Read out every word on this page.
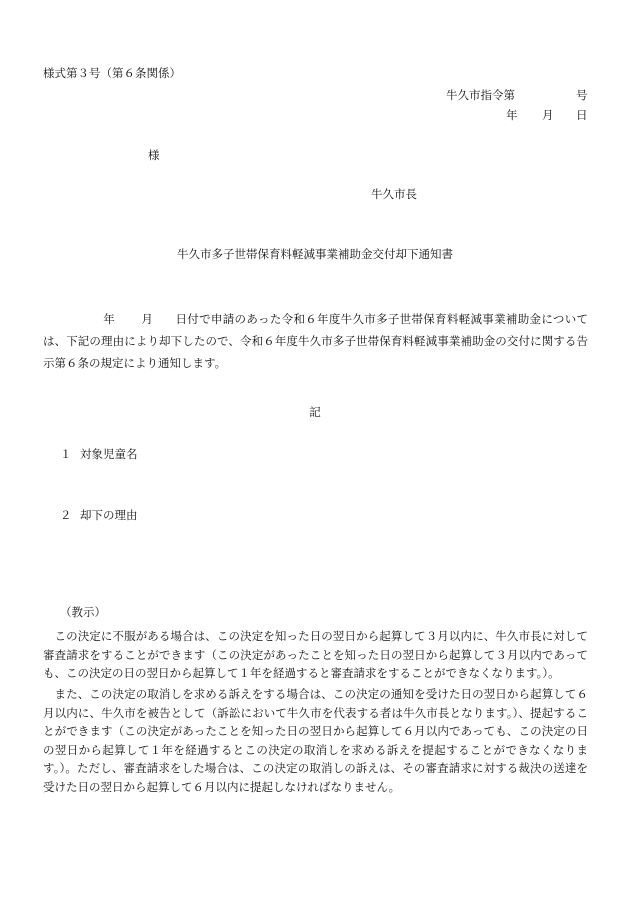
様式第３号（第６条関係）
牛久市指令第	号
年 月 日
様
牛久市長
牛久市多子世帯保育料軽減事業補助金交付却下通知書
年 月 日付で申請のあった令和６年度牛久市多子世帯保育料軽減事業補助金については、下記の理由により却下したので、令和６年度牛久市多子世帯保育料軽減事業補助金の交付に関する告示第６条の規定により通知します。
記
１ 対象児童名
２ 却下の理由
（教示）
この決定に不服がある場合は、この決定を知った日の翌日から起算して３月以内に、牛久市長に対して審査請求をすることができます（この決定があったことを知った日の翌日から起算して３月以内であっても、この決定の日の翌日から起算して１年を経過すると審査請求をすることができなくなります。）。
また、この決定の取消しを求める訴えをする場合は、この決定の通知を受けた日の翌日から起算して６月以内に、牛久市を被告として（訴訟において牛久市を代表する者は牛久市長となります。）、提起することができます（この決定があったことを知った日の翌日から起算して６月以内であっても、この決定の日の翌日から起算して１年を経過するとこの決定の取消しを求める訴えを提起することができなくなります。）。ただし、審査請求をした場合は、この決定の取消しの訴えは、その審査請求に対する裁決の送達を受けた日の翌日から起算して６月以内に提起しなければなりません。
